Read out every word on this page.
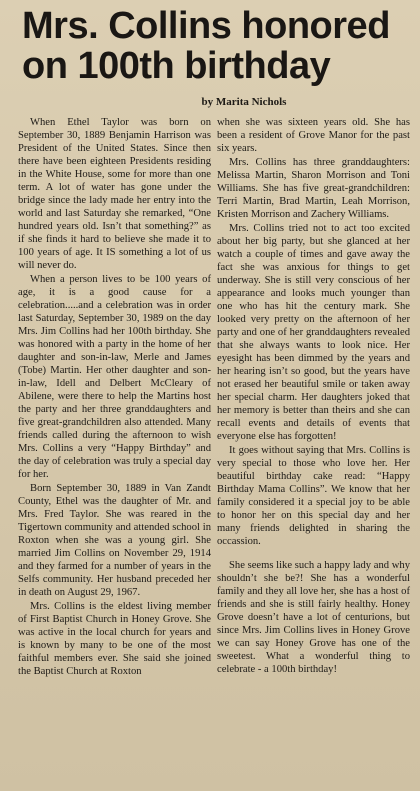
Mrs. Collins honored on 100th birthday
by Marita Nichols

When Ethel Taylor was born on September 30, 1889 Benjamin Harrison was President of the United States. Since then there have been eighteen Presidents residing in the White House, some for more than one term. A lot of water has gone under the bridge since the lady made her entry into the world and last Saturday she remarked, “One hundred years old. Isn’t that something?” as if she finds it hard to believe she made it to 100 years of age. It IS something a lot of us will never do.

When a person lives to be 100 years of age, it is a good cause for a celebration.....and a celebration was in order last Saturday, September 30, 1989 on the day Mrs. Jim Collins had her 100th birthday. She was honored with a party in the home of her daughter and son-in-law, Merle and James (Tobe) Martin. Her other daughter and son-in-law, Idell and Delbert McCleary of Abilene, were there to help the Martins host the party and her three granddaughters and five great-grandchildren also attended. Many friends called during the afternoon to wish Mrs. Collins a very “Happy Birthday” and the day of celebration was truly a special day for her.

Born September 30, 1889 in Van Zandt County, Ethel was the daughter of Mr. and Mrs. Fred Taylor. She was reared in the Tigertown community and attended school in Roxton when she was a young girl. She married Jim Collins on November 29, 1914 and they farmed for a number of years in the Selfs community. Her husband preceded her in death on August 29, 1967.

Mrs. Collins is the eldest living member of First Baptist Church in Honey Grove. She was active in the local church for years and is known by many to be one of the most faithful members ever. She said she joined the Baptist Church at Roxton

when she was sixteen years old. She has been a resident of Grove Manor for the past six years.

Mrs. Collins has three granddaughters: Melissa Martin, Sharon Morrison and Toni Williams. She has five great-grandchildren: Terri Martin, Brad Martin, Leah Morrison, Kristen Morrison and Zachery Williams.

Mrs. Collins tried not to act too excited about her big party, but she glanced at her watch a couple of times and gave away the fact she was anxious for things to get underway. She is still very conscious of her appearance and looks much younger than one who has hit the century mark. She looked very pretty on the afternoon of her party and one of her granddaughters revealed that she always wants to look nice. Her eyesight has been dimmed by the years and her hearing isn’t so good, but the years have not erased her beautiful smile or taken away her special charm. Her daughters joked that her memory is better than theirs and she can recall events and details of events that everyone else has forgotten!

It goes without saying that Mrs. Collins is very special to those who love her. Her beautiful birthday cake read: “Happy Birthday Mama Collins”. We know that her family considered it a special joy to be able to honor her on this special day and her many friends delighted in sharing the occassion.

She seems like such a happy lady and why shouldn’t she be?! She has a wonderful family and they all love her, she has a host of friends and she is still fairly healthy. Honey Grove doesn’t have a lot of centurions, but since Mrs. Jim Collins lives in Honey Grove we can say Honey Grove has one of the sweetest. What a wonderful thing to celebrate - a 100th birthday!
